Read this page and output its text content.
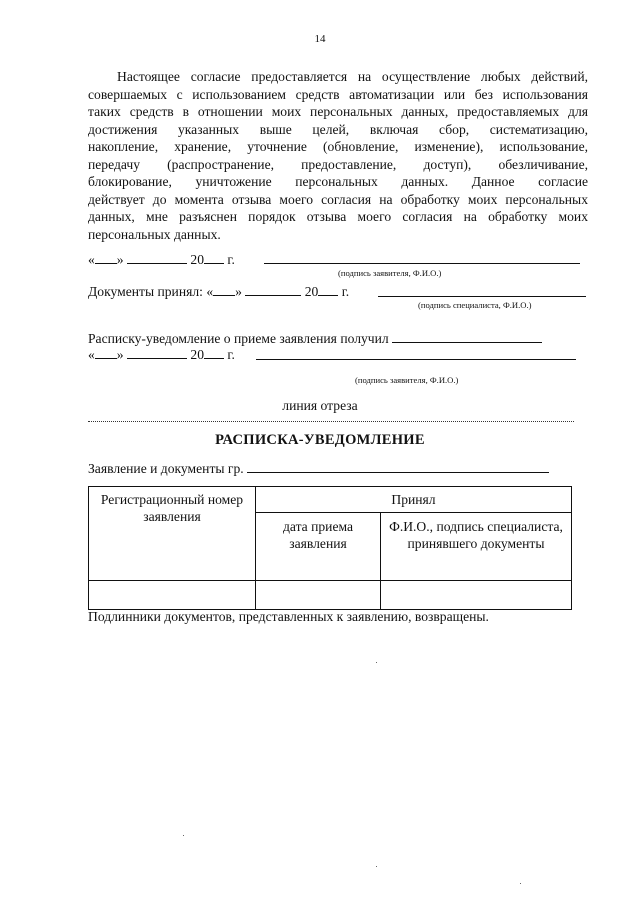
14
Настоящее согласие предоставляется на осуществление любых действий,
совершаемых с использованием средств автоматизации или без использования
таких средств в отношении моих персональных данных, предоставляемых для
достижения указанных выше целей, включая сбор, систематизацию,
накопление, хранение, уточнение (обновление, изменение), использование,
передачу (распространение, предоставление, доступ), обезличивание,
блокирование, уничтожение персональных данных. Данное согласие
действует до момента отзыва моего согласия на обработку моих персональных
данных, мне разъяснен порядок отзыва моего согласия на обработку моих
персональных данных.
« »	20 г.
(подпись заявителя, Ф.И.О.)
Документы принял: « »	20 г.
(подпись специалиста, Ф.И.О.)
Расписку-уведомление о приеме заявления получил
« »	20 г.
(подпись заявителя, Ф.И.О.)
линия отреза
РАСПИСКА-УВЕДОМЛЕНИЕ
Заявление и документы гр.
Регистрационный номер заявления	Принял	
	дата приема заявления	Ф.И.О., подпись специалиста, принявшего документы

Подлинники документов, представленных к заявлению, возвращены.
